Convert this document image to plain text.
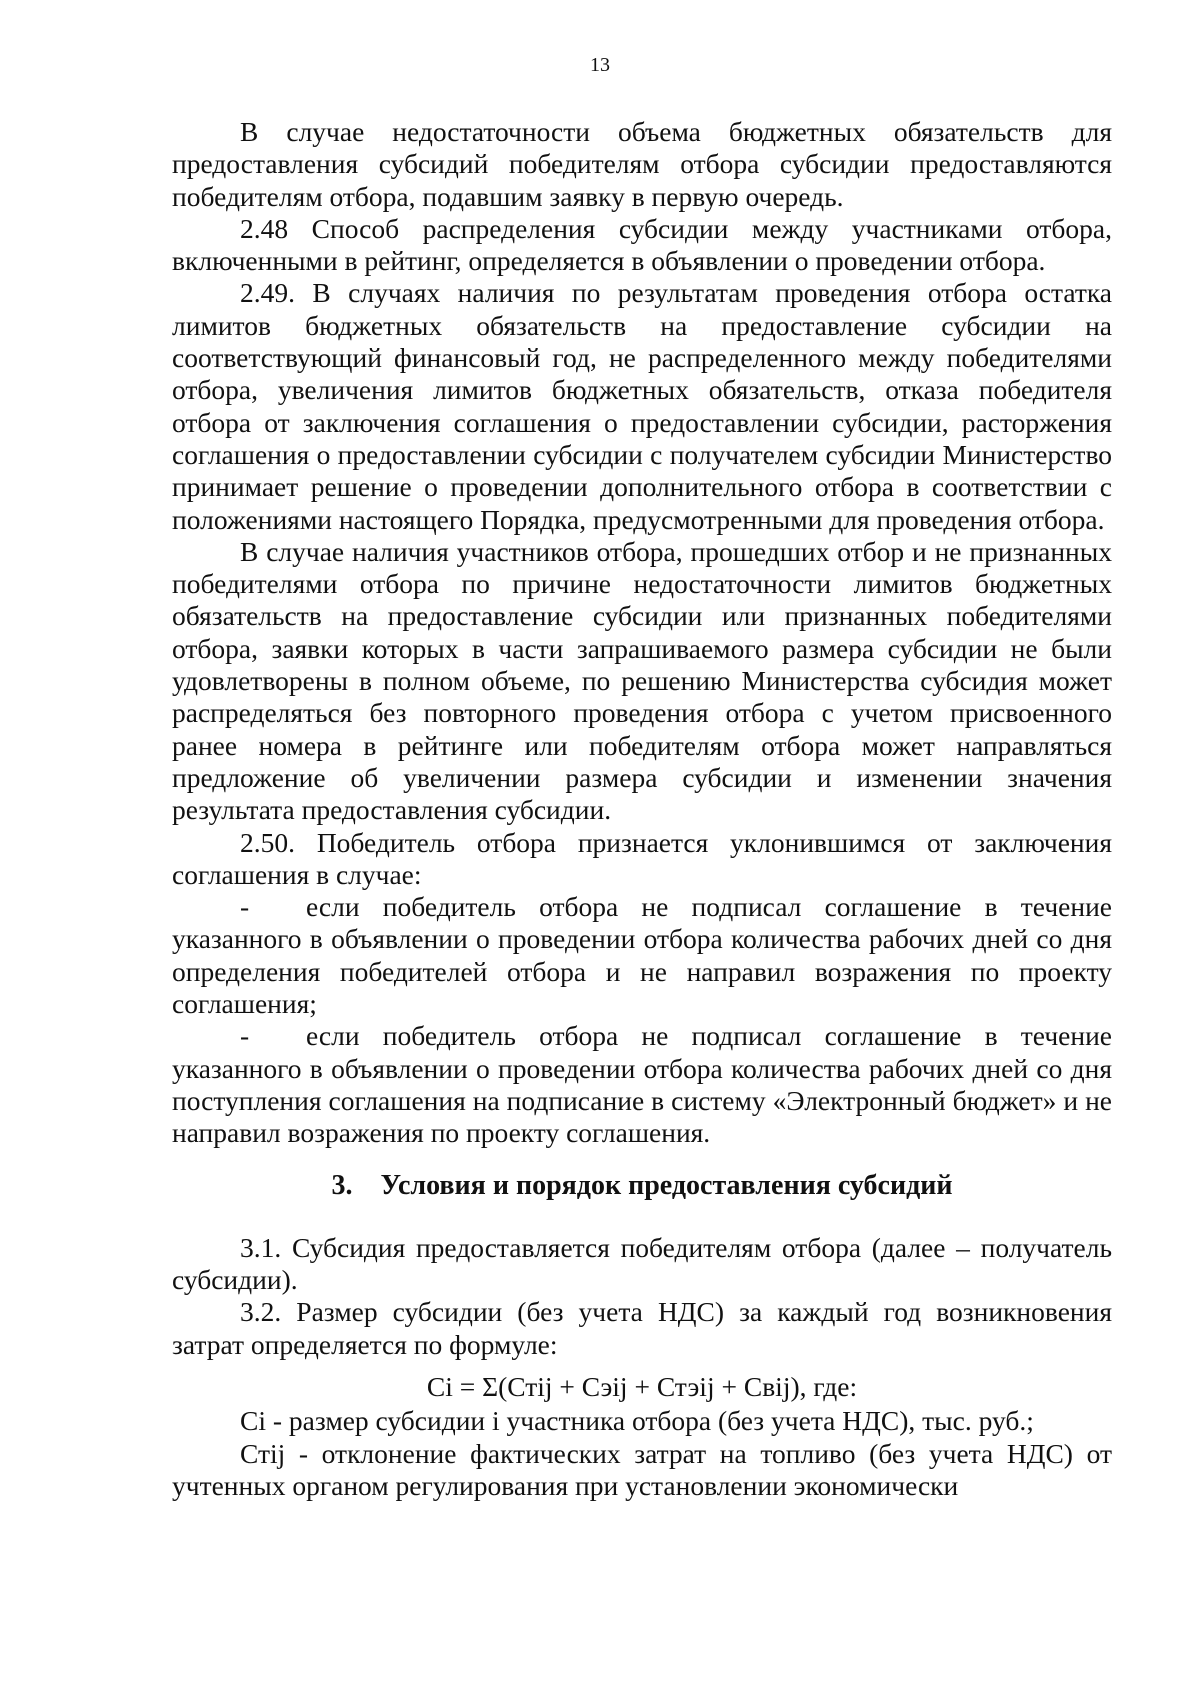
13

В случае недостаточности объема бюджетных обязательств для предоставления субсидий победителям отбора субсидии предоставляются победителям отбора, подавшим заявку в первую очередь.

2.48 Способ распределения субсидии между участниками отбора, включенными в рейтинг, определяется в объявлении о проведении отбора.

2.49. В случаях наличия по результатам проведения отбора остатка лимитов бюджетных обязательств на предоставление субсидии на соответствующий финансовый год, не распределенного между победителями отбора, увеличения лимитов бюджетных обязательств, отказа победителя отбора от заключения соглашения о предоставлении субсидии, расторжения соглашения о предоставлении субсидии с получателем субсидии Министерство принимает решение о проведении дополнительного отбора в соответствии с положениями настоящего Порядка, предусмотренными для проведения отбора.

В случае наличия участников отбора, прошедших отбор и не признанных победителями отбора по причине недостаточности лимитов бюджетных обязательств на предоставление субсидии или признанных победителями отбора, заявки которых в части запрашиваемого размера субсидии не были удовлетворены в полном объеме, по решению Министерства субсидия может распределяться без повторного проведения отбора с учетом присвоенного ранее номера в рейтинге или победителям отбора может направляться предложение об увеличении размера субсидии и изменении значения результата предоставления субсидии.

2.50. Победитель отбора признается уклонившимся от заключения соглашения в случае:

- если победитель отбора не подписал соглашение в течение указанного в объявлении о проведении отбора количества рабочих дней со дня определения победителей отбора и не направил возражения по проекту соглашения;

- если победитель отбора не подписал соглашение в течение указанного в объявлении о проведении отбора количества рабочих дней со дня поступления соглашения на подписание в систему «Электронный бюджет» и не направил возражения по проекту соглашения.

3. Условия и порядок предоставления субсидий

3.1. Субсидия предоставляется победителям отбора (далее – получатель субсидии).

3.2. Размер субсидии (без учета НДС) за каждый год возникновения затрат определяется по формуле:

Ci = Σ(Стij + Сэij + Стэij + Свij), где:

Ci - размер субсидии i участника отбора (без учета НДС), тыс. руб.;

Стij - отклонение фактических затрат на топливо (без учета НДС) от учтенных органом регулирования при установлении экономически
